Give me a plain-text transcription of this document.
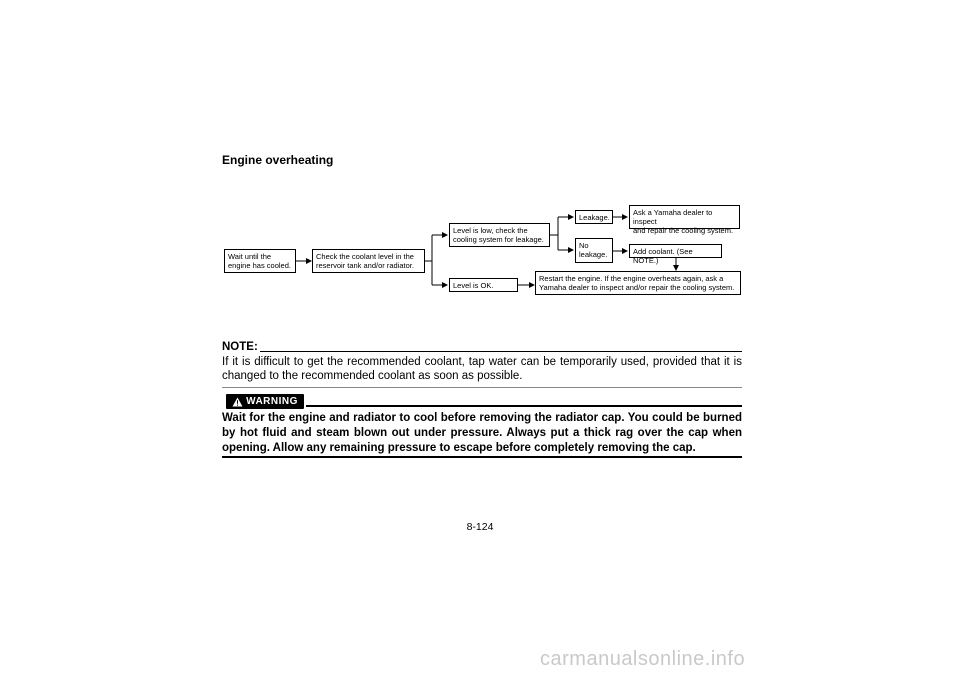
Engine overheating
Wait until the
engine has cooled.
Check the coolant level in the
reservoir tank and/or radiator.
Level is low, check the
cooling system for leakage.
Level is OK.
Leakage.
No
leakage.
Ask a Yamaha dealer to inspect
and repair the cooling system.
Add coolant. (See NOTE.)
Restart the engine. If the engine overheats again, ask a
Yamaha dealer to inspect and/or repair the cooling system.
NOTE:
If it is difficult to get the recommended coolant, tap water can be temporarily used, provided that it is changed to the recommended coolant as soon as possible.
WARNING
Wait for the engine and radiator to cool before removing the radiator cap. You could be burned by hot fluid and steam blown out under pressure. Always put a thick rag over the cap when opening. Allow any remaining pressure to escape before completely removing the cap.
8-124
carmanualsonline.info
